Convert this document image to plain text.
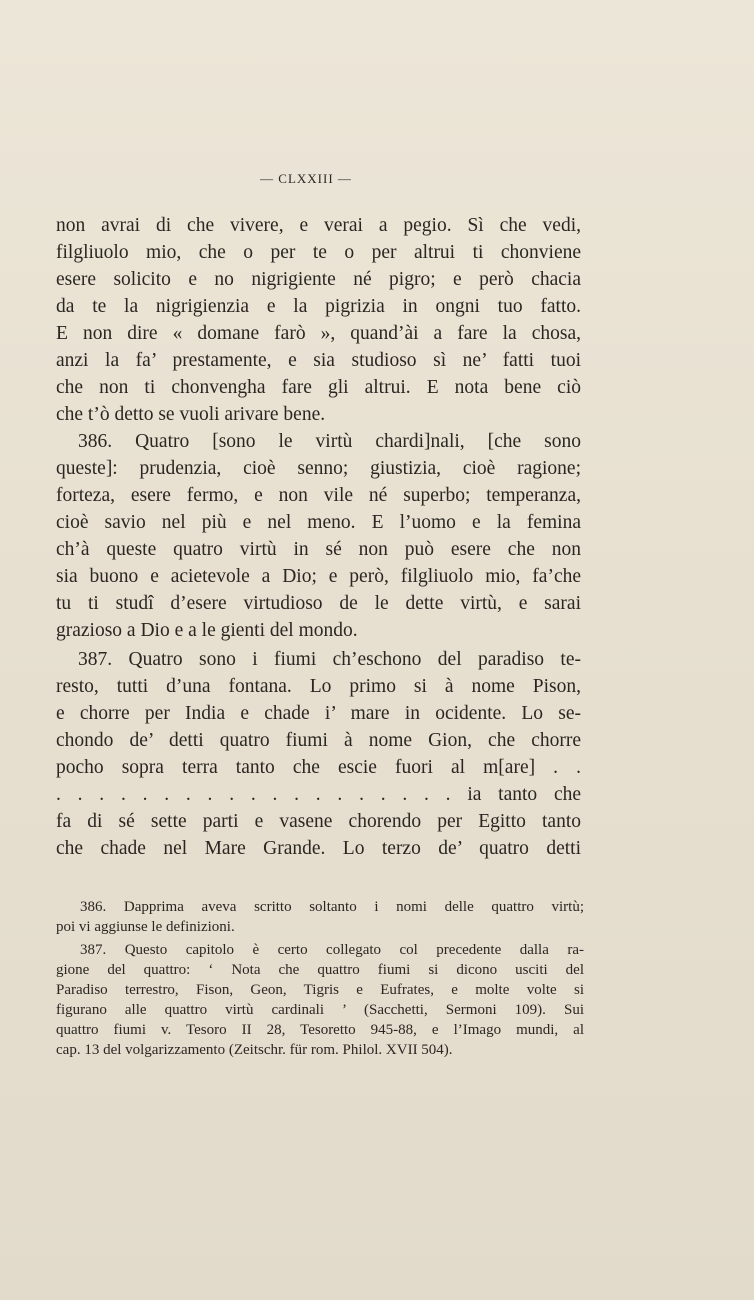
— CLXXIII —
non avrai di che vivere, e verai a pegio. Sì che vedi,
filgliuolo mio, che o per te o per altrui ti chonviene
esere solicito e no nigrigiente né pigro; e però chacia
da te la nigrigienzia e la pigrizia in ongni tuo fatto.
E non dire « domane farò », quand’ài a fare la chosa,
anzi la fa’ prestamente, e sia studioso sì ne’ fatti tuoi
che non ti chonvengha fare gli altrui. E nota bene ciò
che t’ò detto se vuoli arivare bene.
386. Quatro [sono le virtù chardi]nali, [che sono
queste]: prudenzia, cioè senno; giustizia, cioè ragione;
forteza, esere fermo, e non vile né superbo; temperanza,
cioè savio nel più e nel meno. E l’uomo e la femina
ch’à queste quatro virtù in sé non può esere che non
sia buono e acietevole a Dio; e però, filgliuolo mio, fa’che
tu ti studî d’esere virtudioso de le dette virtù, e sarai
grazioso a Dio e a le gienti del mondo.
387. Quatro sono i fiumi ch’eschono del paradiso te-
resto, tutti d’una fontana. Lo primo si à nome Pison,
e chorre per India e chade i’ mare in ocidente. Lo se-
chondo de’ detti quatro fiumi à nome Gion, che chorre
pocho sopra terra tanto che escie fuori al m[are] . .
. . . . . . . . . . . . . . . . . . . ia tanto che
fa di sé sette parti e vasene chorendo per Egitto tanto
che chade nel Mare Grande. Lo terzo de’ quatro detti
386. Dapprima aveva scritto soltanto i nomi delle quattro virtù;
poi vi aggiunse le definizioni.
387. Questo capitolo è certo collegato col precedente dalla ra-
gione del quattro: ‘ Nota che quattro fiumi si dicono usciti del
Paradiso terrestro, Fison, Geon, Tigris e Eufrates, e molte volte si
figurano alle quattro virtù cardinali ’ (Sacchetti, Sermoni 109). Sui
quattro fiumi v. Tesoro II 28, Tesoretto 945-88, e l’Imago mundi, al
cap. 13 del volgarizzamento (Zeitschr. für rom. Philol. XVII 504).
